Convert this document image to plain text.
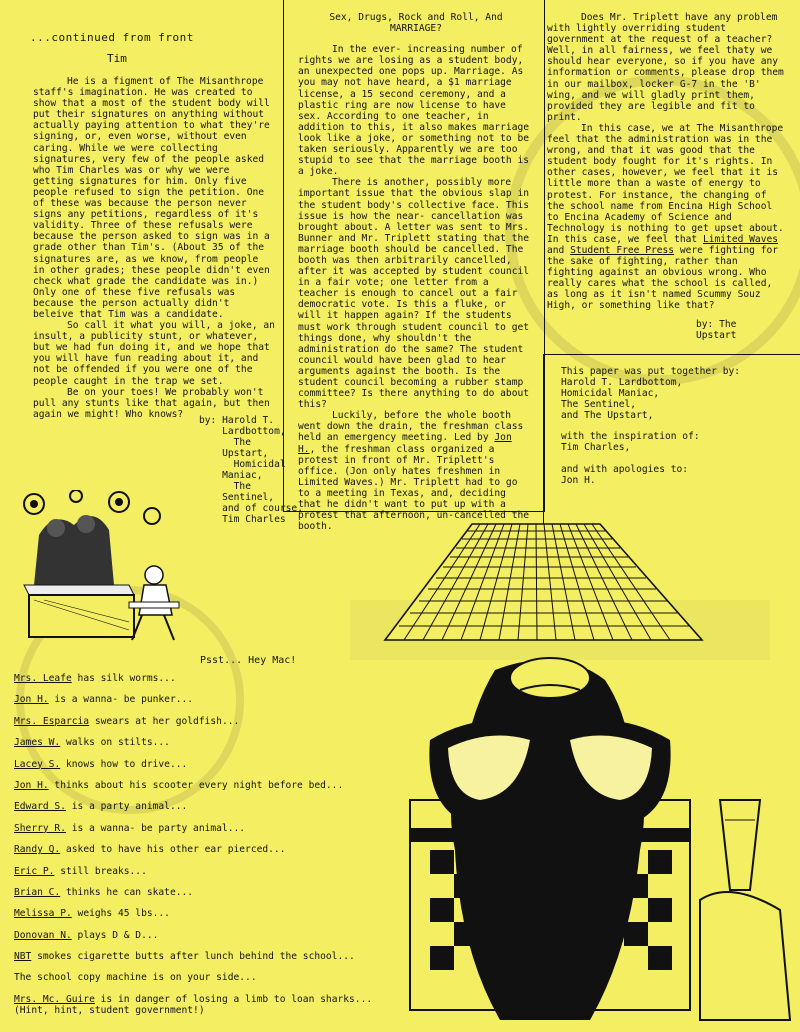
...continued from front
Tim

He is a figment of The Misanthrope staff's imagination. He was created to show that a most of the student body will put their signatures on anything without actually paying attention to what they're signing, or, even worse, without even caring. While we were collecting signatures, very few of the people asked who Tim Charles was or why we were getting signatures for him. Only five people refused to sign the petition. One of these was because the person never signs any petitions, regardless of it's validity. Three of these refusals were because the person asked to sign was in a grade other than Tim's. (About 35 of the signatures are, as we know, from people in other grades; these people didn't even check what grade the candidate was in.) Only one of these five refusals was because the person actually didn't beleive that Tim was a candidate.

So call it what you will, a joke, an insult, a publicity stunt, or whatever, but we had fun doing it, and we hope that you will have fun reading about it, and not be offended if you were one of the people caught in the trap we set.

Be on your toes! We probably won't pull any stunts like that again, but then again we might! Who knows?

by: Harold T.
Lardbottom,
The
Upstart,
Homicidal
Maniac,
The
Sentinel,
and of course,
Tim Charles
Sex, Drugs, Rock and Roll, And
MARRIAGE?

In the ever- increasing number of rights we are losing as a student body, an unexpected one pops up. Marriage. As you may not have heard, a $1 marriage license, a 15 second ceremony, and a plastic ring are now license to have sex. According to one teacher, in addition to this, it also makes marriage look like a joke, or something not to be taken seriously. Apparently we are too stupid to see that the marriage booth is a joke.

There is another, possibly more important issue that the obvious slap in the student body's collective face. This issue is how the near- cancellation was brought about. A letter was sent to Mrs. Bunner and Mr. Triplett stating that the marriage booth should be cancelled. The booth was then arbitrarily cancelled, after it was accepted by student council in a fair vote; one letter from a teacher is enough to cancel out a fair democratic vote. Is this a fluke, or will it happen again? If the students must work through student council to get things done, why shouldn't the administration do the same? The student council would have been glad to hear arguments against the booth. Is the student council becoming a rubber stamp committee? Is there anything to do about this?

Luckily, before the whole booth went down the drain, the freshman class held an emergency meeting. Led by Jon H., the freshman class organized a protest in front of Mr. Triplett's office. (Jon only hates freshmen in Limited Waves.) Mr. Triplett had to go to a meeting in Texas, and, deciding that he didn't want to put up with a protest that afternoon, un-cancelled the booth.

Does Mr. Triplett have any problem with lightly overriding student government at the request of a teacher? Well, in all fairness, we feel thaty we should hear everyone, so if you have any information or comments, please drop them in our mailbox, locker G-7 in the 'B' wing, and we will gladly print them, provided they are legible and fit to print.

In this case, we at The Misanthrope feel that the administration was in the wrong, and that it was good that the student body fought for it's rights. In other cases, however, we feel that it is little more than a waste of energy to protest. For instance, the changing of the school name from Encina High School to Encina Academy of Science and Technology is nothing to get upset about. In this case, we feel that Limited Waves and Student Free Press were fighting for the sake of fighting, rather than fighting against an obvious wrong. Who really cares what the school is called, as long as it isn't named Scummy Souz High, or something like that?

by: The
Upstart
This paper was put together by:
Harold T. Lardbottom,
Homicidal Maniac,
The Sentinel,
and The Upstart,

with the inspiration of:
Tim Charles,

and with apologies to:
Jon H.
Psst... Hey Mac!
Mrs. Leafe has silk worms...
Jon H. is a wanna- be punker...
Mrs. Esparcia swears at her goldfish...
James W. walks on stilts...
Lacey S. knows how to drive...
Jon H. thinks about his scooter every night before bed...
Edward S. is a party animal...
Sherry R. is a wanna- be party animal...
Randy Q. asked to have his other ear pierced...
Eric P. still breaks...
Brian C. thinks he can skate...
Melissa P. weighs 45 lbs...
Donovan N. plays D & D...
NBT smokes cigarette butts after lunch behind the school...
The school copy machine is on your side...
Mrs. Mc. Guire is in danger of losing a limb to loan sharks...
(Hint, hint, student government!)
